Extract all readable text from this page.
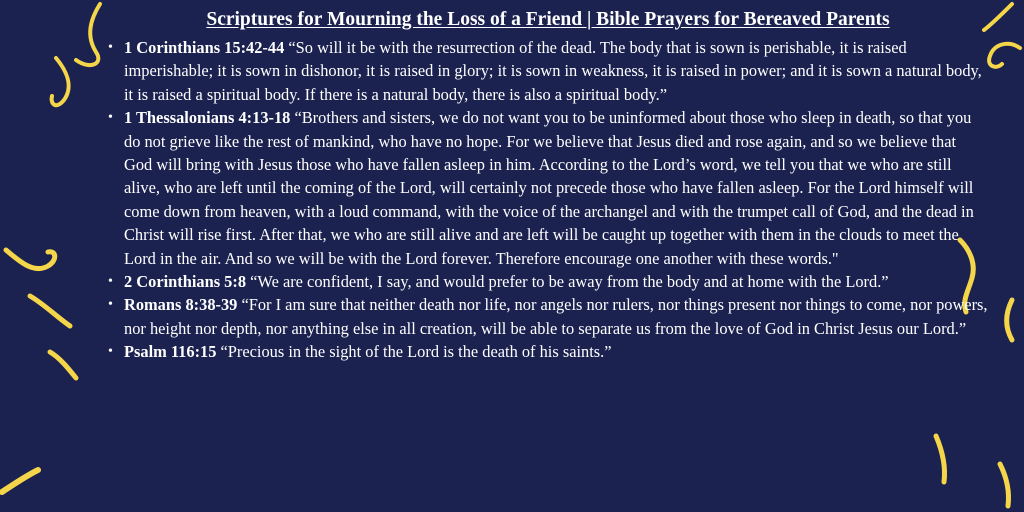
Scriptures for Mourning the Loss of a Friend | Bible Prayers for Bereaved Parents
• 1 Corinthians 15:42-44 “So will it be with the resurrection of the dead. The body that is sown is perishable, it is raised imperishable; it is sown in dishonor, it is raised in glory; it is sown in weakness, it is raised in power; and it is sown a natural body, it is raised a spiritual body. If there is a natural body, there is also a spiritual body.”
• 1 Thessalonians 4:13-18 “Brothers and sisters, we do not want you to be uninformed about those who sleep in death, so that you do not grieve like the rest of mankind, who have no hope. For we believe that Jesus died and rose again, and so we believe that God will bring with Jesus those who have fallen asleep in him. According to the Lord’s word, we tell you that we who are still alive, who are left until the coming of the Lord, will certainly not precede those who have fallen asleep. For the Lord himself will come down from heaven, with a loud command, with the voice of the archangel and with the trumpet call of God, and the dead in Christ will rise first. After that, we who are still alive and are left will be caught up together with them in the clouds to meet the Lord in the air. And so we will be with the Lord forever. Therefore encourage one another with these words."
• 2 Corinthians 5:8 “We are confident, I say, and would prefer to be away from the body and at home with the Lord.”
• Romans 8:38-39 “For I am sure that neither death nor life, nor angels nor rulers, nor things present nor things to come, nor powers, nor height nor depth, nor anything else in all creation, will be able to separate us from the love of God in Christ Jesus our Lord.”
• Psalm 116:15 “Precious in the sight of the Lord is the death of his saints.”
